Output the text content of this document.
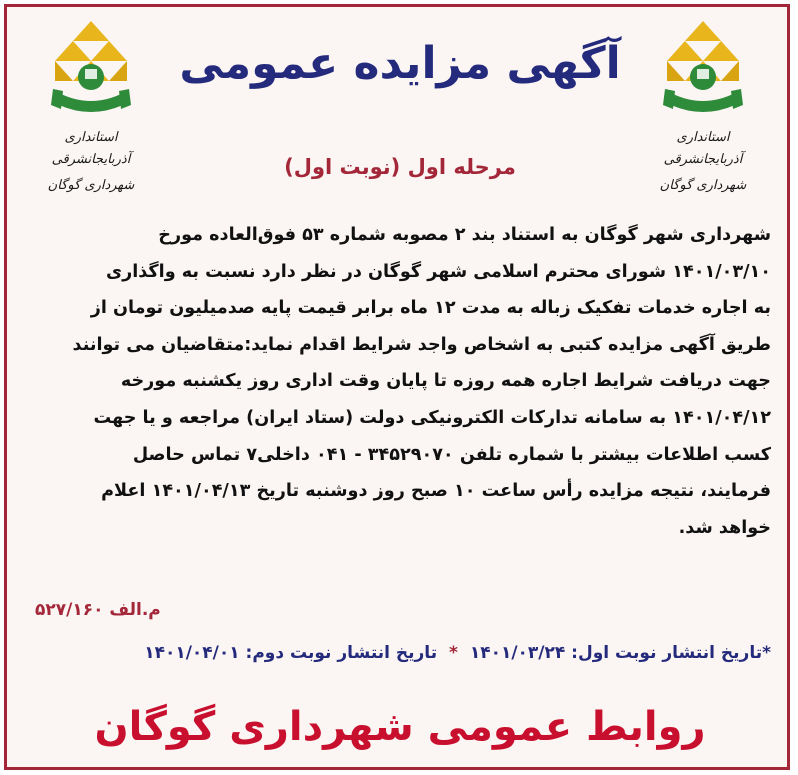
استانداری آذربایجانشرقی
شهرداری گوگان
استانداری آذربایجانشرقی
شهرداری گوگان
آگهی مزایده عمومی
مرحله اول (نوبت اول)
شهرداری شهر گوگان به استناد بند ۲ مصوبه شماره ۵۳ فوق‌العاده مورخ
۱۴۰۱/۰۳/۱۰ شورای محترم اسلامی شهر گوگان در نظر دارد نسبت به واگذاری
به اجاره خدمات تفکیک زباله به مدت ۱۲ ماه برابر قیمت پایه صدمیلیون تومان از
طریق آگهی مزایده کتبی به اشخاص واجد شرایط اقدام نماید:متقاضیان می توانند
جهت دریافت شرایط اجاره همه روزه تا پایان وقت اداری روز یکشنبه مورخه
۱۴۰۱/۰۴/۱۲ به سامانه تدارکات الکترونیکی دولت (ستاد ایران) مراجعه و یا جهت
کسب اطلاعات بیشتر با شماره تلفن ۳۴۵۲۹۰۷۰ - ۰۴۱ داخلی۷ تماس حاصل
فرمایند، نتیجه مزایده رأس ساعت ۱۰ صبح روز دوشنبه تاریخ ۱۴۰۱/۰۴/۱۳ اعلام
خواهد شد.
م.الف ۵۲۷/۱۶۰
*تاریخ انتشار نوبت اول: ۱۴۰۱/۰۳/۲۴ * تاریخ انتشار نوبت دوم: ۱۴۰۱/۰۴/۰۱
روابط عمومی شهرداری گوگان
